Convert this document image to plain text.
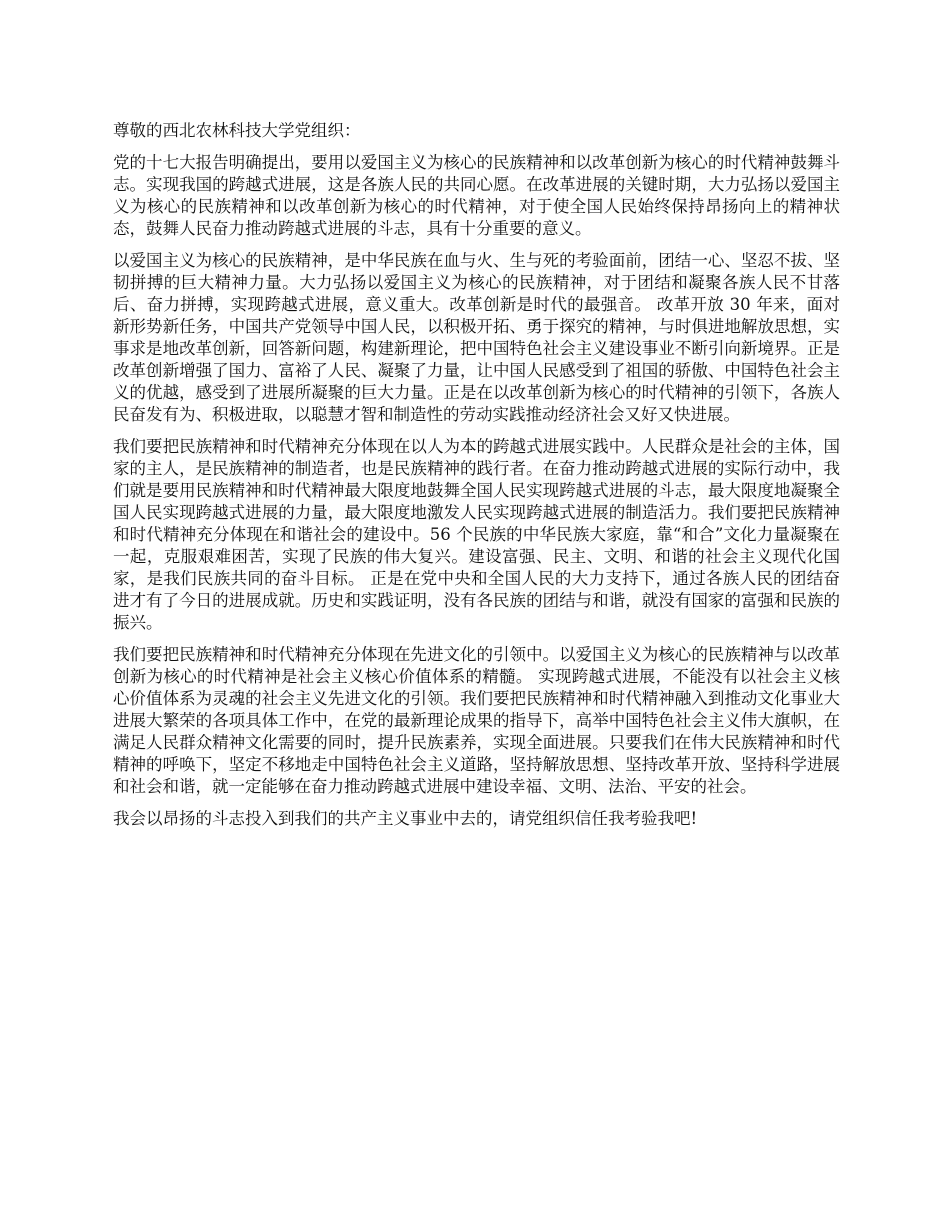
尊敬的西北农林科技大学党组织：

党的十七大报告明确提出，要用以爱国主义为核心的民族精神和以改革创新为核心的时代精神鼓舞斗志。实现我国的跨越式进展，这是各族人民的共同心愿。在改革进展的关键时期，大力弘扬以爱国主义为核心的民族精神和以改革创新为核心的时代精神，对于使全国人民始终保持昂扬向上的精神状态，鼓舞人民奋力推动跨越式进展的斗志，具有十分重要的意义。

以爱国主义为核心的民族精神，是中华民族在血与火、生与死的考验面前，团结一心、坚忍不拔、坚韧拼搏的巨大精神力量。大力弘扬以爱国主义为核心的民族精神，对于团结和凝聚各族人民不甘落后、奋力拼搏，实现跨越式进展，意义重大。改革创新是时代的最强音。 改革开放 30 年来，面对新形势新任务，中国共产党领导中国人民，以积极开拓、勇于探究的精神，与时俱进地解放思想，实事求是地改革创新，回答新问题，构建新理论，把中国特色社会主义建设事业不断引向新境界。正是改革创新增强了国力、富裕了人民、凝聚了力量，让中国人民感受到了祖国的骄傲、中国特色社会主义的优越，感受到了进展所凝聚的巨大力量。正是在以改革创新为核心的时代精神的引领下，各族人民奋发有为、积极进取，以聪慧才智和制造性的劳动实践推动经济社会又好又快进展。

我们要把民族精神和时代精神充分体现在以人为本的跨越式进展实践中。人民群众是社会的主体，国家的主人，是民族精神的制造者，也是民族精神的践行者。在奋力推动跨越式进展的实际行动中，我们就是要用民族精神和时代精神最大限度地鼓舞全国人民实现跨越式进展的斗志，最大限度地凝聚全国人民实现跨越式进展的力量，最大限度地激发人民实现跨越式进展的制造活力。我们要把民族精神和时代精神充分体现在和谐社会的建设中。56 个民族的中华民族大家庭，靠“和合”文化力量凝聚在一起，克服艰难困苦，实现了民族的伟大复兴。建设富强、民主、文明、和谐的社会主义现代化国家，是我们民族共同的奋斗目标。 正是在党中央和全国人民的大力支持下，通过各族人民的团结奋进才有了今日的进展成就。历史和实践证明，没有各民族的团结与和谐，就没有国家的富强和民族的振兴。

我们要把民族精神和时代精神充分体现在先进文化的引领中。以爱国主义为核心的民族精神与以改革创新为核心的时代精神是社会主义核心价值体系的精髓。 实现跨越式进展，不能没有以社会主义核心价值体系为灵魂的社会主义先进文化的引领。我们要把民族精神和时代精神融入到推动文化事业大进展大繁荣的各项具体工作中，在党的最新理论成果的指导下，高举中国特色社会主义伟大旗帜，在满足人民群众精神文化需要的同时，提升民族素养，实现全面进展。只要我们在伟大民族精神和时代精神的呼唤下，坚定不移地走中国特色社会主义道路，坚持解放思想、坚持改革开放、坚持科学进展和社会和谐，就一定能够在奋力推动跨越式进展中建设幸福、文明、法治、平安的社会。

我会以昂扬的斗志投入到我们的共产主义事业中去的，请党组织信任我考验我吧!
